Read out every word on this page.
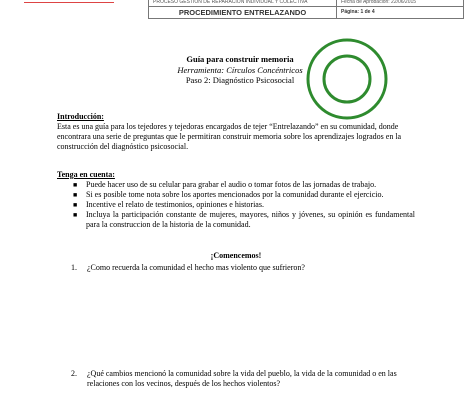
PROCESO GESTIÓN DE REPARACIÓN INDIVIDUAL Y COLECTIVA	Fecha de Aprobación: 22/06/2015
PROCEDIMIENTO ENTRELAZANDO	Página: 1 de 4
Guía para construir memoria
Herramienta: Círculos Concéntricos
Paso 2: Diagnóstico Psicosocial
Introducción:
Esta es una guía para los tejedores y tejedoras encargados de tejer “Entrelazando” en su comunidad, donde encontrara una serie de preguntas que le permitiran construir memoria sobre los aprendizajes logrados en la construcción del diagnóstico psicosocial.
Tenga en cuenta:
■ Puede hacer uso de su celular para grabar el audio o tomar fotos de las jornadas de trabajo.
■ Si es posible tome nota sobre los aportes mencionados por la comunidad durante el ejercicio.
■ Incentive el relato de testimonios, opiniones e historias.
■ Incluya la participación constante de mujeres, mayores, niños y jóvenes, su opinión es fundamental para la construccion de la historia de la comunidad.
¡Comencemos!
1. ¿Como recuerda la comunidad el hecho mas violento que sufrieron?
2. ¿Qué cambios mencionó la comunidad sobre la vida del pueblo, la vida de la comunidad o en las relaciones con los vecinos, después de los hechos violentos?
